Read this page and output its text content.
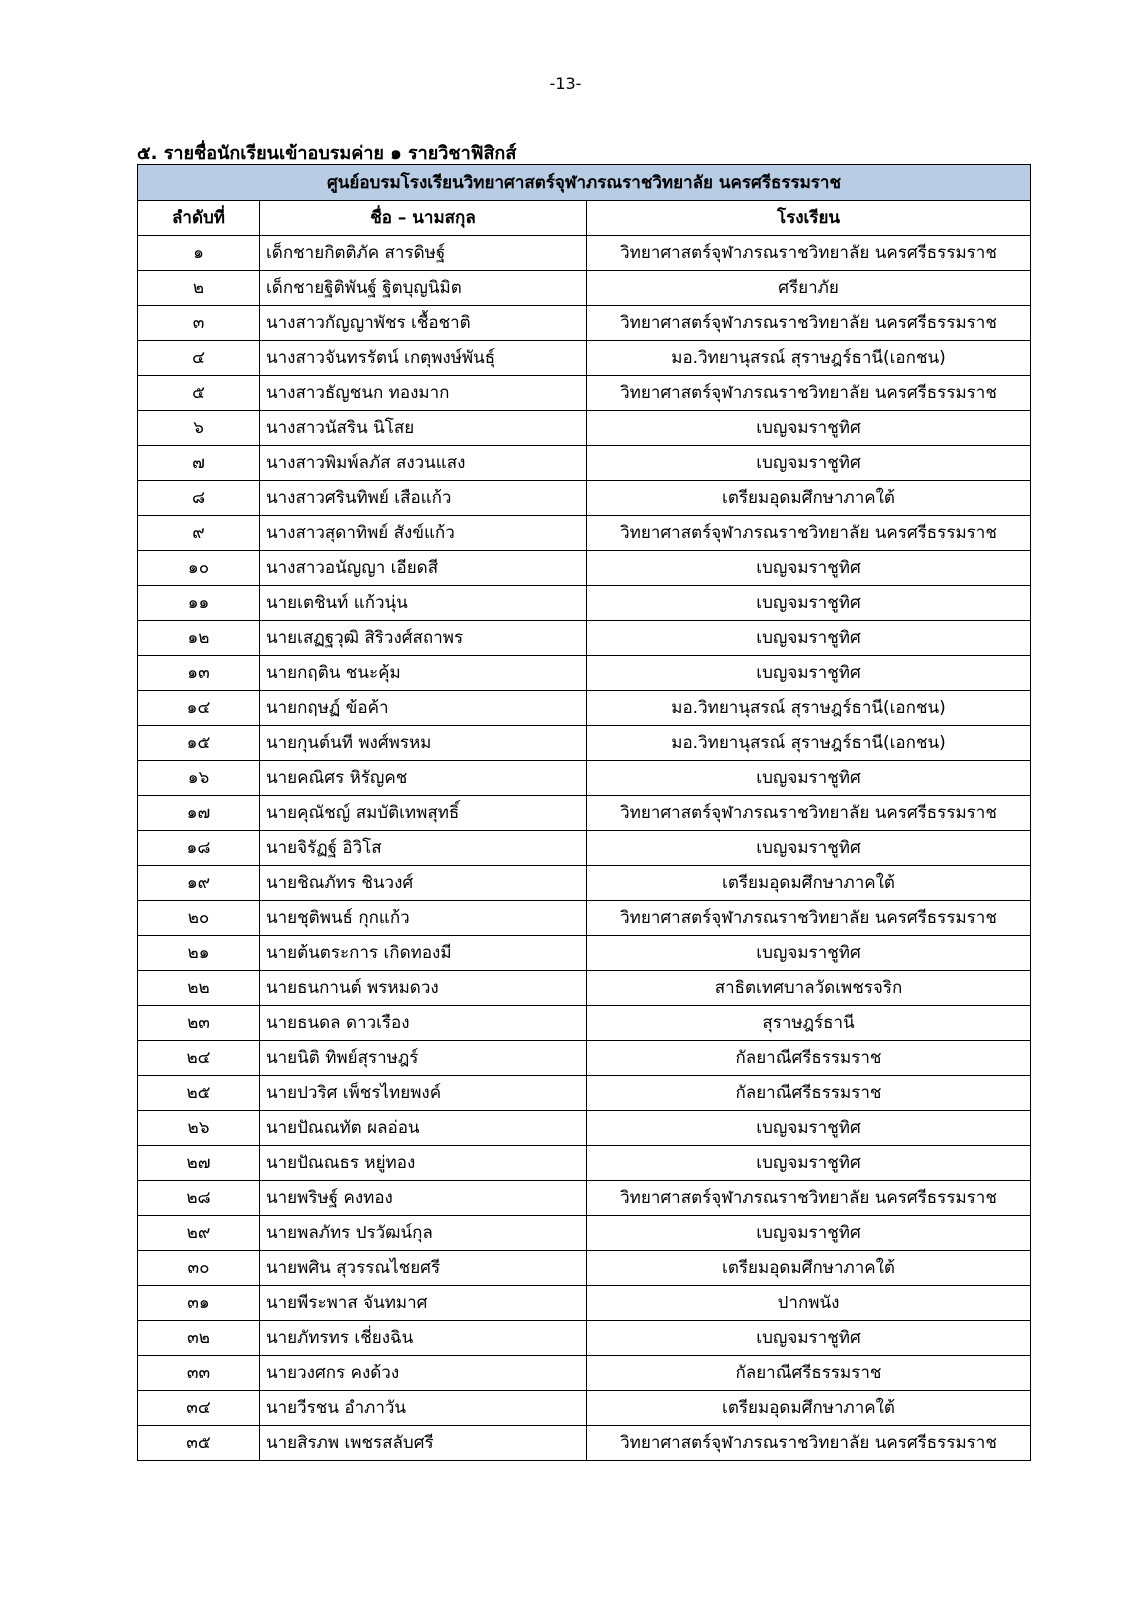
-13-
๕. รายชื่อนักเรียนเข้าอบรมค่าย ๑ รายวิชาฟิสิกส์
ศูนย์อบรมโรงเรียนวิทยาศาสตร์จุฬาภรณราชวิทยาลัย นครศรีธรรมราช		
ลำดับที่	ชื่อ – นามสกุล	โรงเรียน
๑	เด็กชายกิตติภัค สารดิษฐ์	วิทยาศาสตร์จุฬาภรณราชวิทยาลัย นครศรีธรรมราช
๒	เด็กชายฐิติพันฐ์ ฐิตบุญนิมิต	ศรียาภัย
๓	นางสาวกัญญาพัชร เชื้อชาติ	วิทยาศาสตร์จุฬาภรณราชวิทยาลัย นครศรีธรรมราช
๔	นางสาวจันทรรัตน์ เกตุพงษ์พันธุ์	มอ.วิทยานุสรณ์ สุราษฎร์ธานี(เอกชน)
๕	นางสาวธัญชนก ทองมาก	วิทยาศาสตร์จุฬาภรณราชวิทยาลัย นครศรีธรรมราช
๖	นางสาวนัสริน นิโสย	เบญจมราชูทิศ
๗	นางสาวพิมพ์ลภัส สงวนแสง	เบญจมราชูทิศ
๘	นางสาวศรินทิพย์ เสือแก้ว	เตรียมอุดมศึกษาภาคใต้
๙	นางสาวสุดาทิพย์ สังข์แก้ว	วิทยาศาสตร์จุฬาภรณราชวิทยาลัย นครศรีธรรมราช
๑๐	นางสาวอนัญญา เอียดสี	เบญจมราชูทิศ
๑๑	นายเตชินท์ แก้วนุ่น	เบญจมราชูทิศ
๑๒	นายเสฏฐวุฒิ สิริวงศ์สถาพร	เบญจมราชูทิศ
๑๓	นายกฤติน ชนะคุ้ม	เบญจมราชูทิศ
๑๔	นายกฤษฏ์ ข้อค้า	มอ.วิทยานุสรณ์ สุราษฎร์ธานี(เอกชน)
๑๕	นายกุนต์นที พงศ์พรหม	มอ.วิทยานุสรณ์ สุราษฎร์ธานี(เอกชน)
๑๖	นายคณิศร หิรัญคช	เบญจมราชูทิศ
๑๗	นายคุณัชญ์ สมบัติเทพสุทธิ์	วิทยาศาสตร์จุฬาภรณราชวิทยาลัย นครศรีธรรมราช
๑๘	นายจิรัฏฐ์ อิวิโส	เบญจมราชูทิศ
๑๙	นายชิณภัทร ชินวงศ์	เตรียมอุดมศึกษาภาคใต้
๒๐	นายชุติพนธ์ กุกแก้ว	วิทยาศาสตร์จุฬาภรณราชวิทยาลัย นครศรีธรรมราช
๒๑	นายต้นตระการ เกิดทองมี	เบญจมราชูทิศ
๒๒	นายธนกานต์ พรหมดวง	สาธิตเทศบาลวัดเพชรจริก
๒๓	นายธนดล ดาวเรือง	สุราษฎร์ธานี
๒๔	นายนิติ ทิพย์สุราษฎร์	กัลยาณีศรีธรรมราช
๒๕	นายปวริศ เพ็ชรไทยพงค์	กัลยาณีศรีธรรมราช
๒๖	นายปัณณทัต ผลอ่อน	เบญจมราชูทิศ
๒๗	นายปัณณธร หยู่ทอง	เบญจมราชูทิศ
๒๘	นายพริษฐ์ คงทอง	วิทยาศาสตร์จุฬาภรณราชวิทยาลัย นครศรีธรรมราช
๒๙	นายพลภัทร ปรวัฒน์กุล	เบญจมราชูทิศ
๓๐	นายพศิน สุวรรณไชยศรี	เตรียมอุดมศึกษาภาคใต้
๓๑	นายพีระพาส จันทมาศ	ปากพนัง
๓๒	นายภัทรทร เชี่ยงฉิน	เบญจมราชูทิศ
๓๓	นายวงศกร คงด้วง	กัลยาณีศรีธรรมราช
๓๔	นายวีรชน อำภาวัน	เตรียมอุดมศึกษาภาคใต้
๓๕	นายสิรภพ เพชรสลับศรี	วิทยาศาสตร์จุฬาภรณราชวิทยาลัย นครศรีธรรมราช
